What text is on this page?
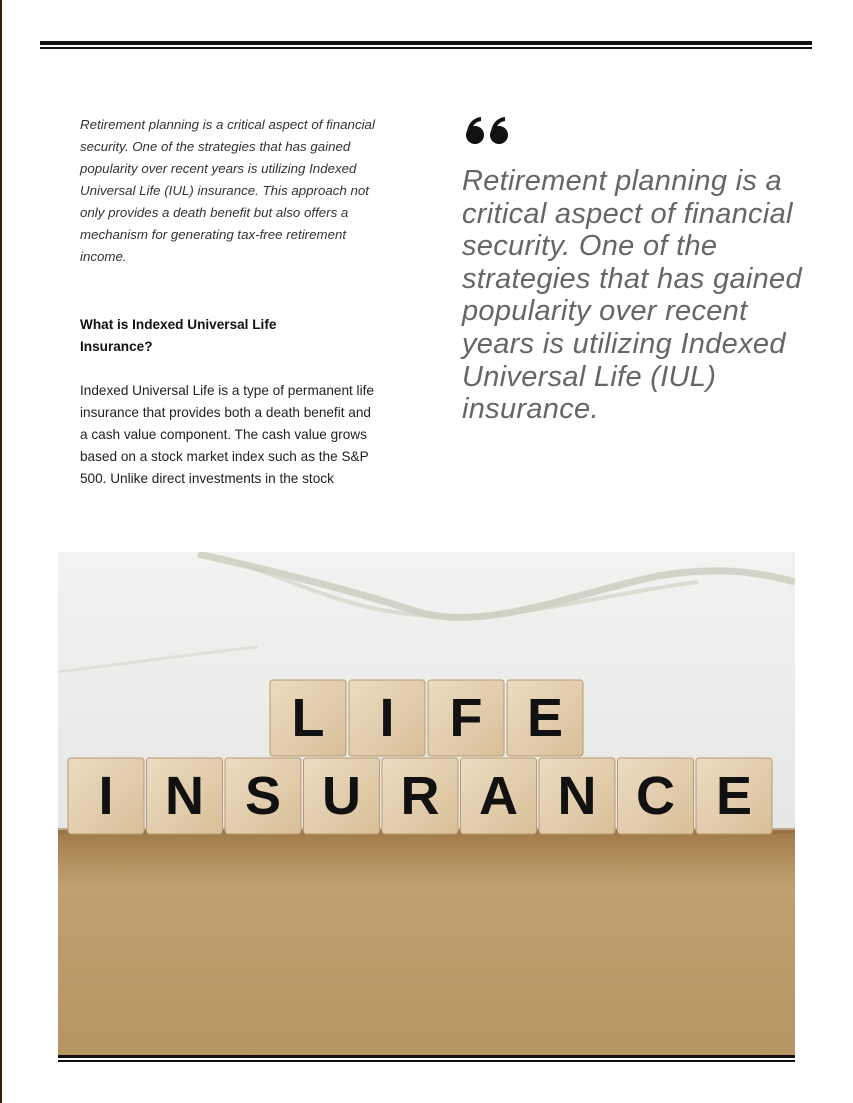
Retirement planning is a critical aspect of financial security. One of the strategies that has gained popularity over recent years is utilizing Indexed Universal Life (IUL) insurance. This approach not only provides a death benefit but also offers a mechanism for generating tax-free retirement income.

What is Indexed Universal Life Insurance?

Indexed Universal Life is a type of permanent life insurance that provides both a death benefit and a cash value component. The cash value grows based on a stock market index such as the S&P 500. Unlike direct investments in the stock

Retirement planning is a critical aspect of financial security. One of the strategies that has gained popularity over recent years is utilizing Indexed Universal Life (IUL) insurance.

L I F E
I N S U R A N C E
